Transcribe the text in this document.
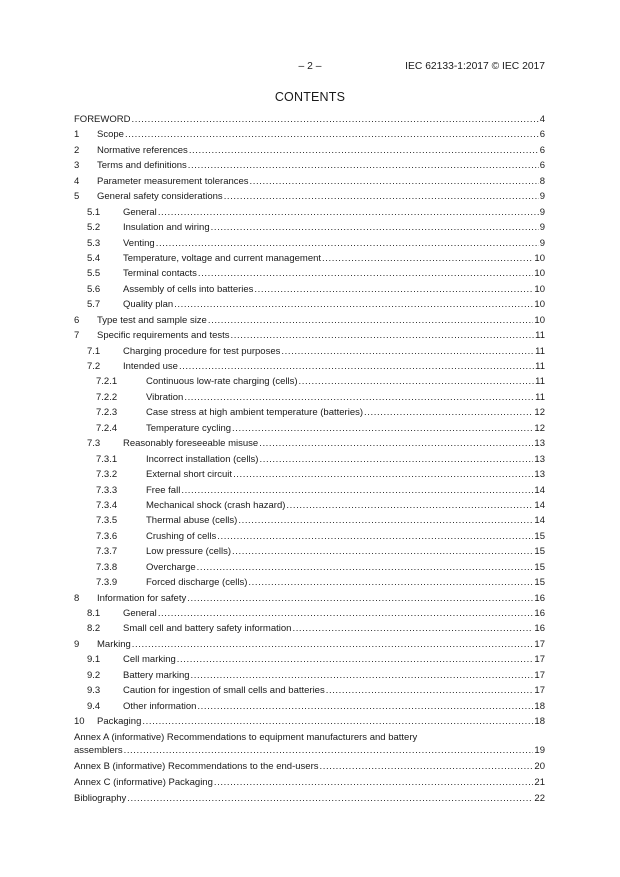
– 2 –	IEC 62133-1:2017 © IEC 2017
CONTENTS
FOREWORD .....	4
1	Scope .....	6
2	Normative references .....	6
3	Terms and definitions .....	6
4	Parameter measurement tolerances .....	8
5	General safety considerations .....	9
5.1	General .....	9
5.2	Insulation and wiring .....	9
5.3	Venting .....	9
5.4	Temperature, voltage and current management .....	10
5.5	Terminal contacts .....	10
5.6	Assembly of cells into batteries .....	10
5.7	Quality plan .....	10
6	Type test and sample size .....	10
7	Specific requirements and tests .....	11
7.1	Charging procedure for test purposes .....	11
7.2	Intended use .....	11
7.2.1	Continuous low-rate charging (cells) .....	11
7.2.2	Vibration .....	11
7.2.3	Case stress at high ambient temperature (batteries) .....	12
7.2.4	Temperature cycling .....	12
7.3	Reasonably foreseeable misuse .....	13
7.3.1	Incorrect installation (cells) .....	13
7.3.2	External short circuit .....	13
7.3.3	Free fall .....	14
7.3.4	Mechanical shock (crash hazard) .....	14
7.3.5	Thermal abuse (cells) .....	14
7.3.6	Crushing of cells .....	15
7.3.7	Low pressure (cells) .....	15
7.3.8	Overcharge .....	15
7.3.9	Forced discharge (cells) .....	15
8	Information for safety .....	16
8.1	General .....	16
8.2	Small cell and battery safety information .....	16
9	Marking .....	17
9.1	Cell marking .....	17
9.2	Battery marking .....	17
9.3	Caution for ingestion of small cells and batteries .....	17
9.4	Other information .....	18
10	Packaging .....	18
Annex A (informative) Recommendations to equipment manufacturers and battery
assemblers .....	19
Annex B (informative) Recommendations to the end-users .....	20
Annex C (informative) Packaging .....	21
Bibliography .....	22
